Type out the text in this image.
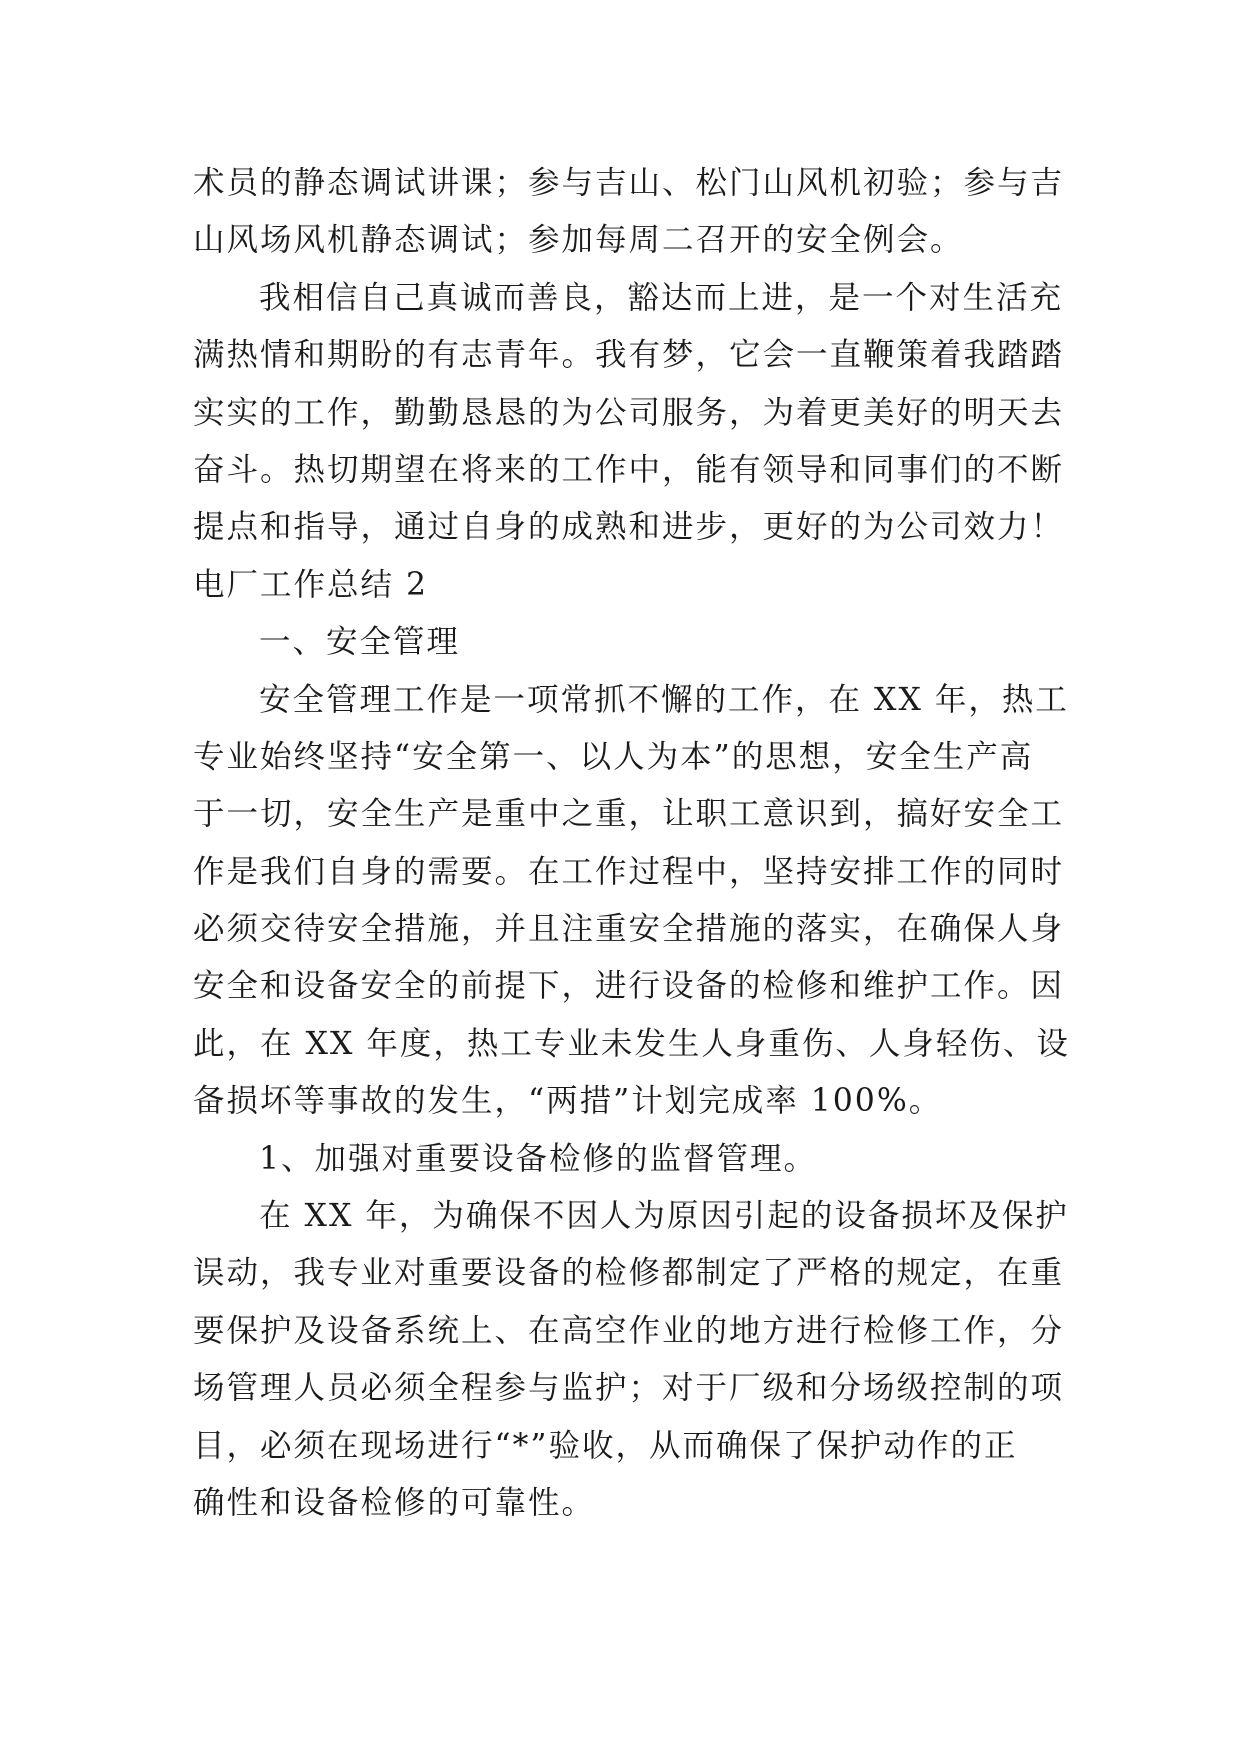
术员的静态调试讲课；参与吉山、松门山风机初验；参与吉
山风场风机静态调试；参加每周二召开的安全例会。
我相信自己真诚而善良，豁达而上进，是一个对生活充
满热情和期盼的有志青年。我有梦，它会一直鞭策着我踏踏
实实的工作，勤勤恳恳的为公司服务，为着更美好的明天去
奋斗。热切期望在将来的工作中，能有领导和同事们的不断
提点和指导，通过自身的成熟和进步，更好的为公司效力！
电厂工作总结 2
一、安全管理
安全管理工作是一项常抓不懈的工作，在 XX 年，热工
专业始终坚持“安全第一、以人为本”的思想，安全生产高
于一切，安全生产是重中之重，让职工意识到，搞好安全工
作是我们自身的需要。在工作过程中，坚持安排工作的同时
必须交待安全措施，并且注重安全措施的落实，在确保人身
安全和设备安全的前提下，进行设备的检修和维护工作。因
此，在 XX 年度，热工专业未发生人身重伤、人身轻伤、设
备损坏等事故的发生，“两措”计划完成率 100%。
1、加强对重要设备检修的监督管理。
在 XX 年，为确保不因人为原因引起的设备损坏及保护
误动，我专业对重要设备的检修都制定了严格的规定，在重
要保护及设备系统上、在高空作业的地方进行检修工作，分
场管理人员必须全程参与监护；对于厂级和分场级控制的项
目，必须在现场进行“*”验收，从而确保了保护动作的正
确性和设备检修的可靠性。
